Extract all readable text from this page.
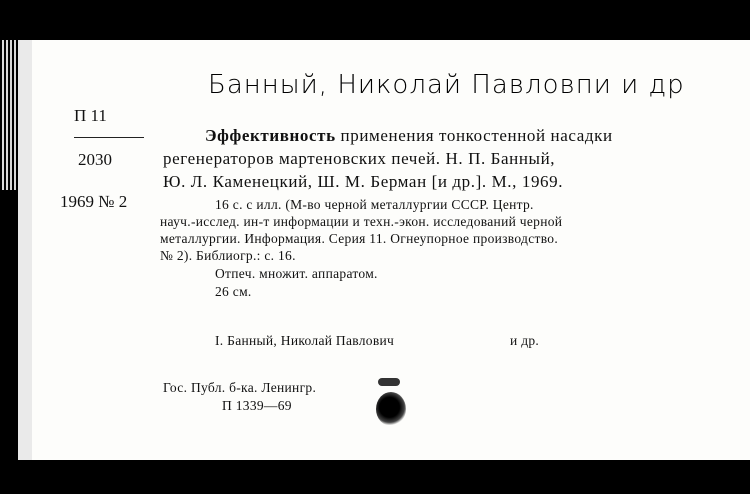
Банный, Николай Павловпи и др
П 11
2030
1969 № 2
Эффективность применения тонкостенной насадки
регенераторов мартеновских печей. Н. П. Банный,
Ю. Л. Каменецкий, Ш. М. Берман [и др.]. М., 1969.
16 с. с илл. (М-во черной металлургии СССР. Центр.
науч.-исслед. ин-т информации и техн.-экон. исследований черной
металлургии. Информация. Серия 11. Огнеупорное производство.
№ 2). Библиогр.: с. 16.
Отпеч. множит. аппаратом.
26 см.
I. Банный, Николай Павлович	и др.
Гос. Публ. б-ка. Ленингр.
П 1339—69
